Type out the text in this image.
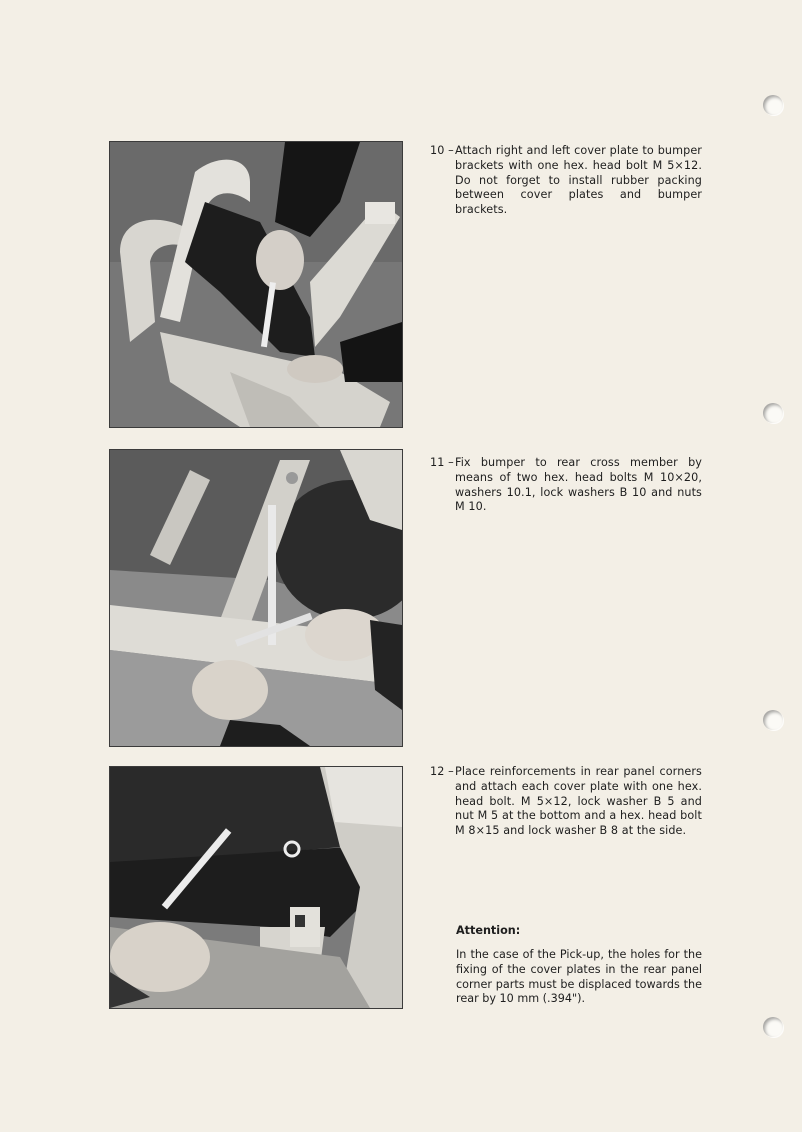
10 – Attach right and left cover plate to bumper brackets with one hex. head bolt M 5×12. Do not forget to install rubber packing between cover plates and bumper brackets.
11 – Fix bumper to rear cross member by means of two hex. head bolts M 10×20, washers 10.1, lock washers B 10 and nuts M 10.
12 – Place reinforcements in rear panel corners and attach each cover plate with one hex. head bolt. M 5×12, lock washer B 5 and nut M 5 at the bottom and a hex. head bolt M 8×15 and lock washer B 8 at the side.
Attention:
In the case of the Pick-up, the holes for the fixing of the cover plates in the rear panel corner parts must be displaced towards the rear by 10 mm (.394").
